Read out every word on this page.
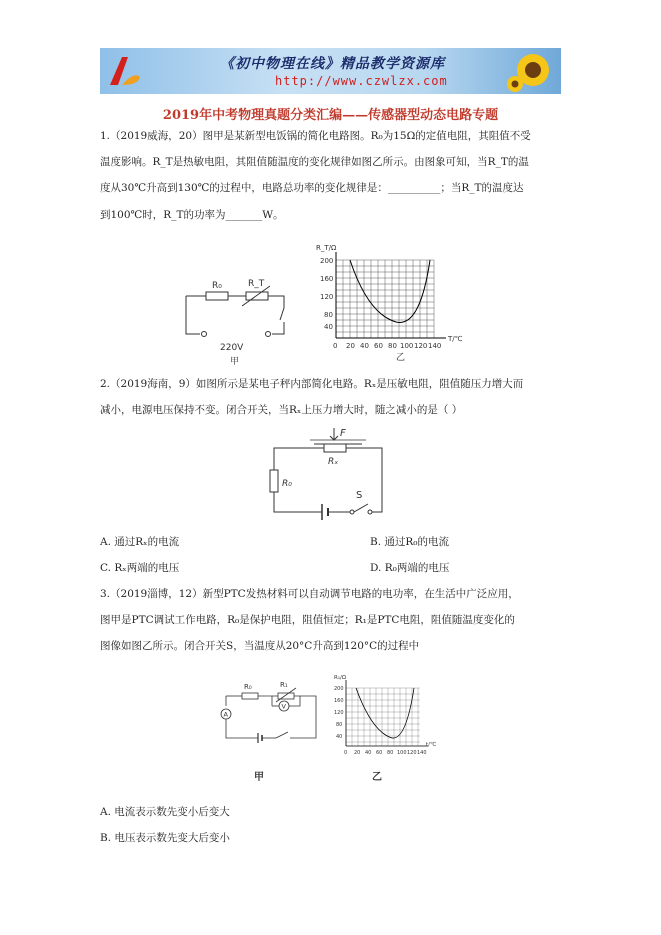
《初中物理在线》精品教学资源库
http://www.czwlzx.com
2019年中考物理真题分类汇编——传感器型动态电路专题

1.（2019威海，20）图甲是某新型电饭锅的简化电路图。R₀为15Ω的定值电阻，其阻值不受

温度影响。R_T是热敏电阻，其阻值随温度的变化规律如图乙所示。由图象可知，当R_T的温

度从30℃升高到130℃的过程中，电路总功率的变化规律是：__________；当R_T的温度达

到100℃时，R_T的功率为_______W。

R₀	R_T
220V
甲
R_T/Ω
T/℃
200
160
120
80
40
0 20 40 60 80 100 120 140
乙

2.（2019海南，9）如图所示是某电子秤内部简化电路。Rₓ是压敏电阻，阻值随压力增大而

减小，电源电压保持不变。闭合开关，当Rₓ上压力增大时，随之减小的是（ ）

F
Rₓ
R₀
S
A. 通过Rₓ的电流	B. 通过R₀的电流
C. Rₓ两端的电压	D. R₀两端的电压

3.（2019淄博，12）新型PTC发热材料可以自动调节电路的电功率，在生活中广泛应用，

图甲是PTC调试工作电路，R₀是保护电阻，阻值恒定；R₁是PTC电阻，阻值随温度变化的

图像如图乙所示。闭合开关S，当温度从20°C升高到120°C的过程中

R₀	R₁
A
V
甲
R₁/Ω
t/℃
200
160
120
80
40
0 20 40 60 80 100 120 140
乙
A. 电流表示数先变小后变大
B. 电压表示数先变大后变小
